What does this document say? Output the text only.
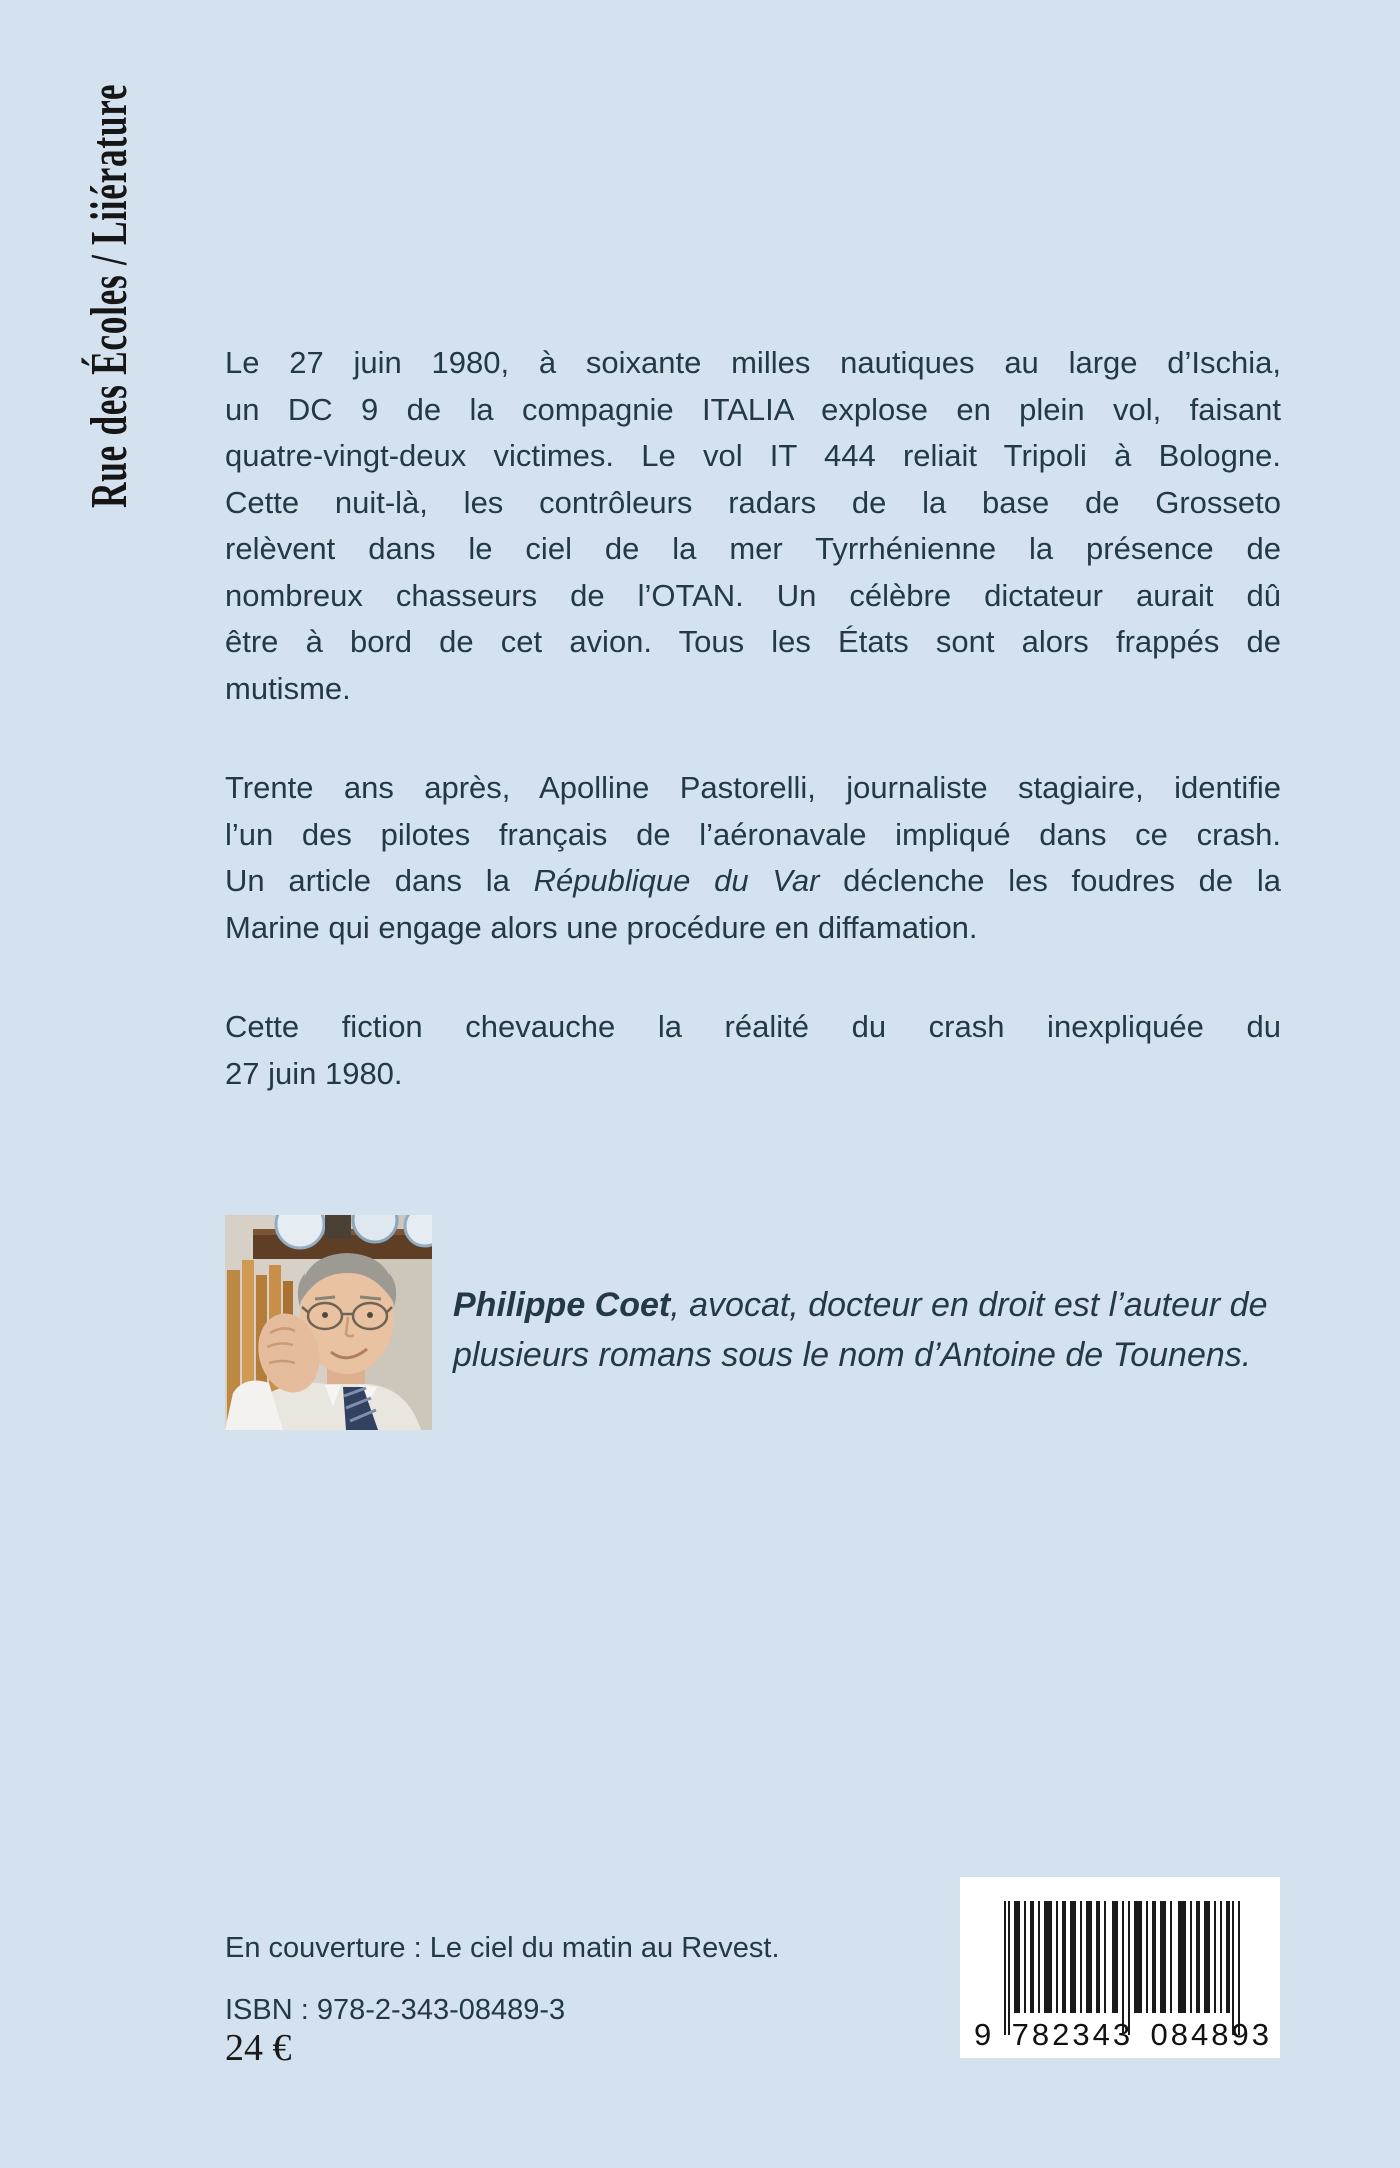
Rue des Écoles / Liiérature	Le 27 juin 1980, à soixante milles nautiques au large d’Ischia,
un DC 9 de la compagnie ITALIA explose en plein vol, faisant
quatre-vingt-deux victimes. Le vol IT 444 reliait Tripoli à Bologne.
Cette nuit-là, les contrôleurs radars de la base de Grosseto
relèvent dans le ciel de la mer Tyrrhénienne la présence de
nombreux chasseurs de l’OTAN. Un célèbre dictateur aurait dû
être à bord de cet avion. Tous les États sont alors frappés de
mutisme.
Trente ans après, Apolline Pastorelli, journaliste stagiaire, identifie
l’un des pilotes français de l’aéronavale impliqué dans ce crash.
Un article dans la République du Var déclenche les foudres de la
Marine qui engage alors une procédure en diffamation.
Cette fiction chevauche la réalité du crash inexpliquée du
27 juin 1980.
Philippe Coet, avocat, docteur en droit est l’auteur de
plusieurs romans sous le nom d’Antoine de Tounens.
En couverture : Le ciel du matin au Revest.
ISBN : 978-2-343-08489-3
24 €	9 782343 084893
